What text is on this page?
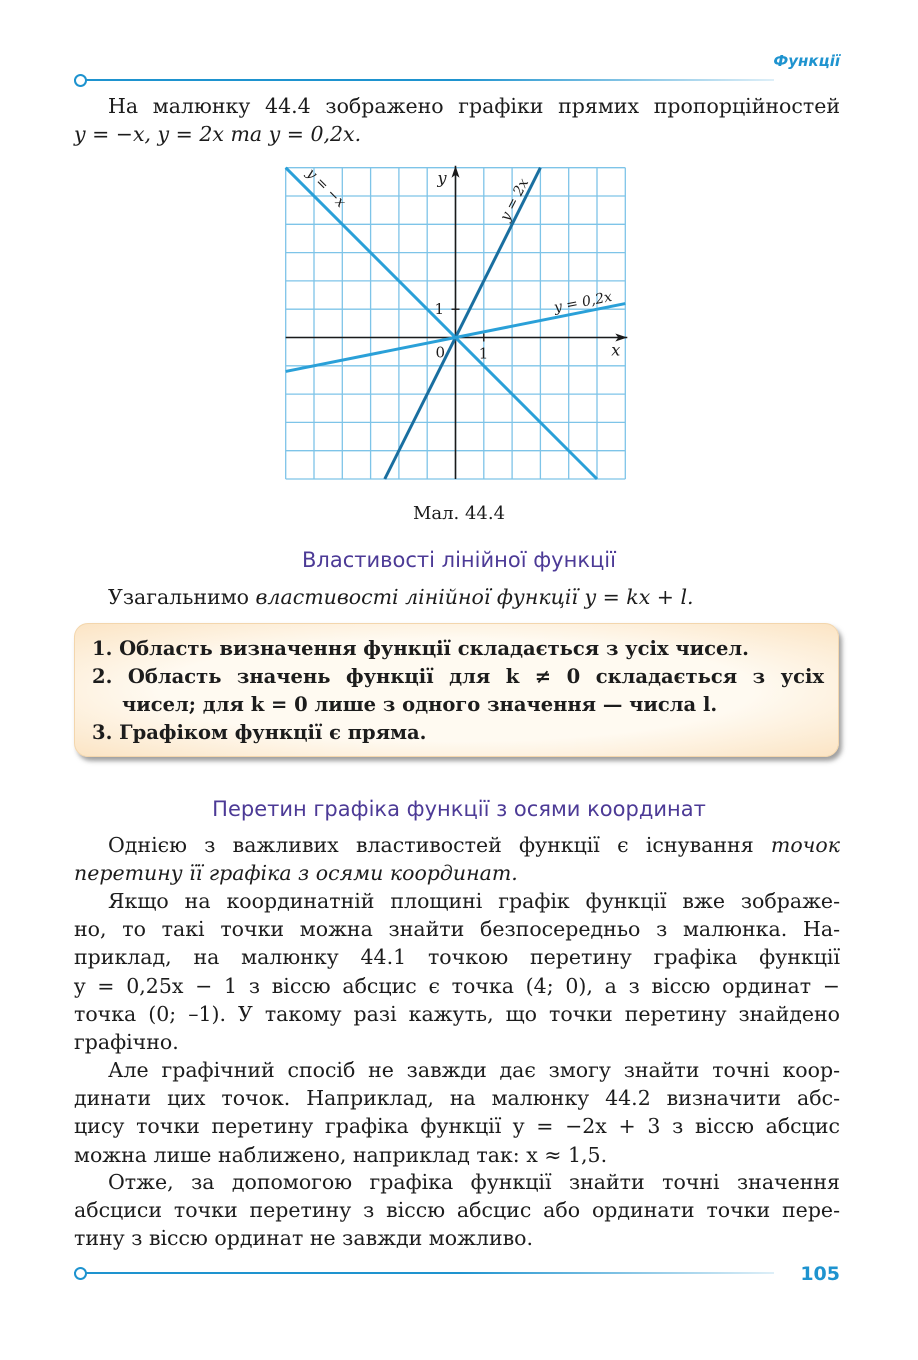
Функції
На малюнку 44.4 зображено графіки прямих пропорційностей
y = −x, y = 2x та y = 0,2x.
x
y
0 1
1
y = −x	y = 2x
y = 0,2x
Мал. 44.4
Властивості лінійної функції
Узагальнимо властивості лінійної функції y = kx + l.
1. Область визначення функції складається з усіх чисел.
2. Область значень функції для k ≠ 0 складається з усіх
чисел; для k = 0 лише з одного значення — числа l.
3. Графіком функції є пряма.
Перетин графіка функції з осями координат
Однією з важливих властивостей функції є існування точок
перетину її графіка з осями координат.
Якщо на координатній площині графік функції вже зображе-
но, то такі точки можна знайти безпосередньо з малюнка. На-
приклад, на малюнку 44.1 точкою перетину графіка функції
y = 0,25x − 1 з віссю абсцис є точка (4; 0), а з віссю ординат −
точка (0; –1). У такому разі кажуть, що точки перетину знайдено
графічно.
Але графічний спосіб не завжди дає змогу знайти точні коор-
динати цих точок. Наприклад, на малюнку 44.2 визначити абс-
цису точки перетину графіка функції y = −2x + 3 з віссю абсцис
можна лише наближено, наприклад так: x ≈ 1,5.
Отже, за допомогою графіка функції знайти точні значення
абсциси точки перетину з віссю абсцис або ординати точки пере-
тину з віссю ординат не завжди можливо.
105
